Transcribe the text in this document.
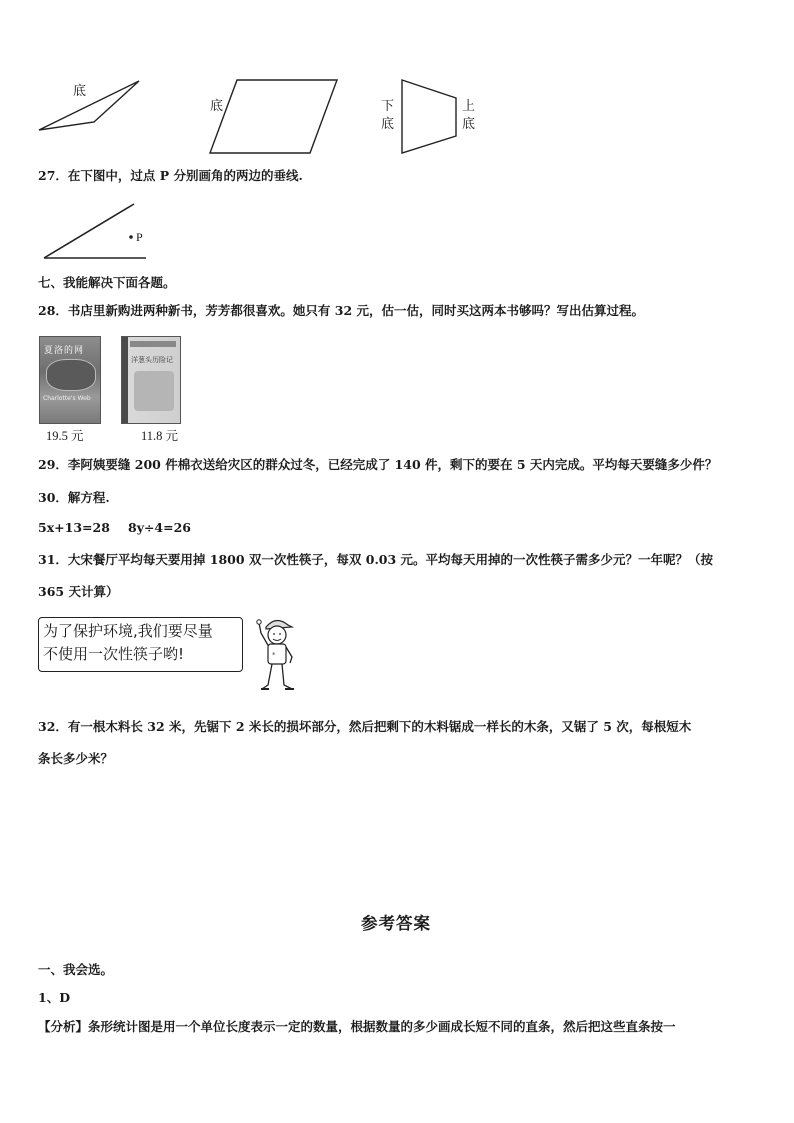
底
底	下
底
上
底
27．在下图中，过点 P 分别画角的两边的垂线.
P
七、我能解决下面各题。
28．书店里新购进两种新书，芳芳都很喜欢。她只有 32 元，估一估，同时买这两本书够吗？写出估算过程。
夏洛的网
Charlotte's Web
洋葱头历险记
19.5 元	11.8 元
29．李阿姨要缝 200 件棉衣送给灾区的群众过冬，已经完成了 140 件，剩下的要在 5 天内完成。平均每天要缝多少件？
30．解方程.
5x+13=28 8y÷4=26
31．大宋餐厅平均每天要用掉 1800 双一次性筷子，每双 0.03 元。平均每天用掉的一次性筷子需多少元？一年呢？（按
365 天计算）
为了保护环境,我们要尽量
不使用一次性筷子哟!	*
32．有一根木料长 32 米，先锯下 2 米长的损坏部分，然后把剩下的木料锯成一样长的木条，又锯了 5 次，每根短木
条长多少米？
参考答案
一、我会选。
1、D
【分析】条形统计图是用一个单位长度表示一定的数量，根据数量的多少画成长短不同的直条，然后把这些直条按一
